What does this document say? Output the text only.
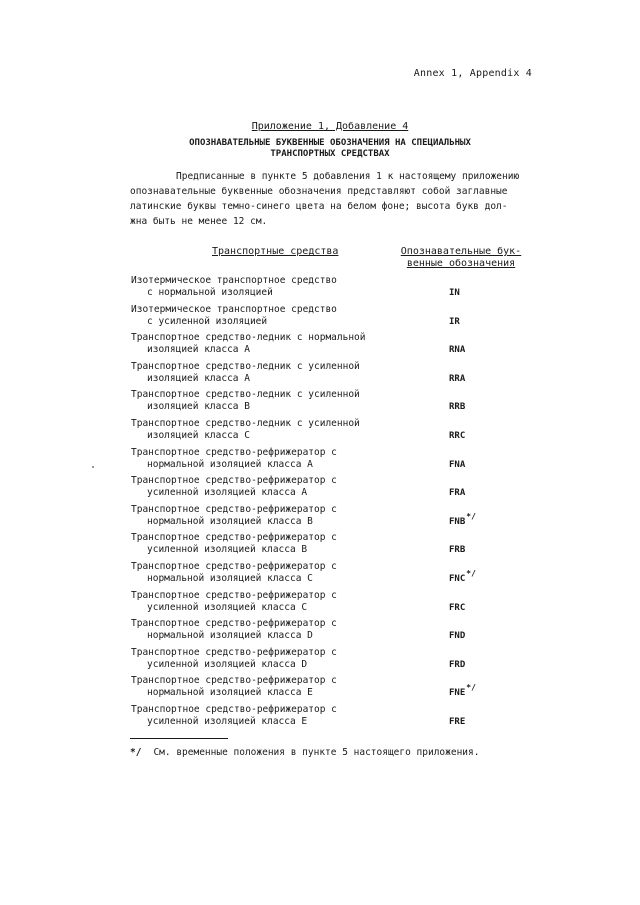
Annex 1, Appendix 4
Приложение 1, Добавление 4
ОПОЗНАВАТЕЛЬНЫЕ БУКВЕННЫЕ ОБОЗНАЧЕНИЯ НА СПЕЦИАЛЬНЫХ
ТРАНСПОРТНЫХ СРЕДСТВАХ
Предписанные в пункте 5 добавления 1 к настоящему приложению
опознавательные буквенные обозначения представляют собой заглавные
латинские буквы темно-синего цвета на белом фоне; высота букв дол-
жна быть не менее 12 см.
Транспортные средства	Опознавательные бук-
венные обозначения
Изотермическое транспортное средство
с нормальной изоляцией	IN
Изотермическое транспортное средство
с усиленной изоляцией	IR
Транспортное средство-ледник с нормальной
изоляцией класса A	RNA
Транспортное средство-ледник с усиленной
изоляцией класса A	RRA
Транспортное средство-ледник с усиленной
изоляцией класса B	RRB
Транспортное средство-ледник с усиленной
изоляцией класса C	RRC
Транспортное средство-рефрижератор с
нормальной изоляцией класса A	FNA
Транспортное средство-рефрижератор с
усиленной изоляцией класса A	FRA
Транспортное средство-рефрижератор с
нормальной изоляцией класса B	FNB*/
Транспортное средство-рефрижератор с
усиленной изоляцией класса B	FRB
Транспортное средство-рефрижератор с
нормальной изоляцией класса C	FNC*/
Транспортное средство-рефрижератор с
усиленной изоляцией класса C	FRC
Транспортное средство-рефрижератор с
нормальной изоляцией класса D	FND
Транспортное средство-рефрижератор с
усиленной изоляцией класса D	FRD
Транспортное средство-рефрижератор с
нормальной изоляцией класса E	FNE*/
Транспортное средство-рефрижератор с
усиленной изоляцией класса E	FRE
*/ См. временные положения в пункте 5 настоящего приложения.
